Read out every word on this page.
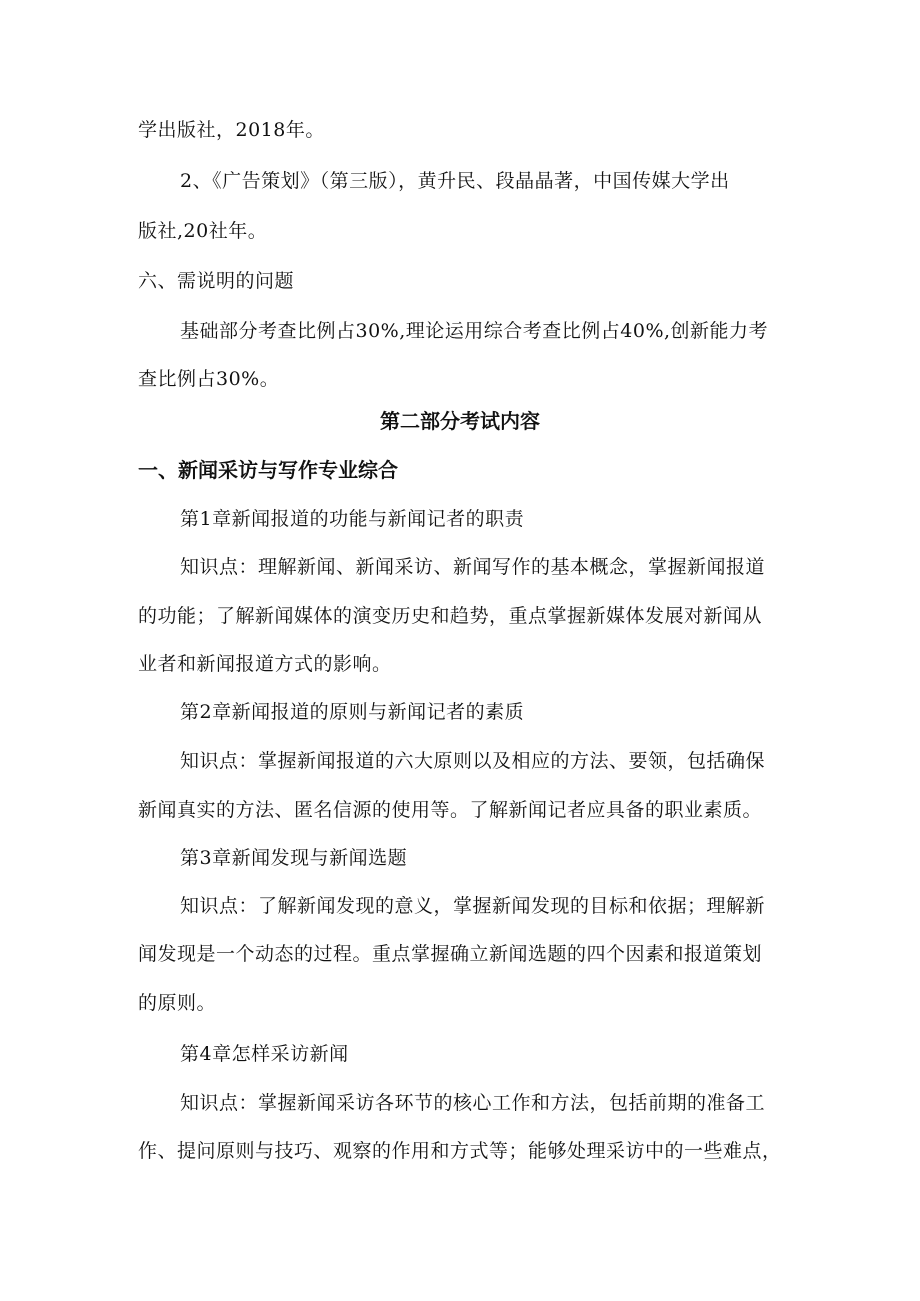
学出版社，2018年。
2、《广告策划》（第三版），黄升民、段晶晶著，中国传媒大学出
版社,20社年。
六、需说明的问题
基础部分考查比例占30%,理论运用综合考查比例占40%,创新能力考
查比例占30%。
第二部分考试内容
一、新闻采访与写作专业综合
第1章新闻报道的功能与新闻记者的职责
知识点：理解新闻、新闻采访、新闻写作的基本概念，掌握新闻报道
的功能；了解新闻媒体的演变历史和趋势，重点掌握新媒体发展对新闻从
业者和新闻报道方式的影响。
第2章新闻报道的原则与新闻记者的素质
知识点：掌握新闻报道的六大原则以及相应的方法、要领，包括确保
新闻真实的方法、匿名信源的使用等。了解新闻记者应具备的职业素质。
第3章新闻发现与新闻选题
知识点：了解新闻发现的意义，掌握新闻发现的目标和依据；理解新
闻发现是一个动态的过程。重点掌握确立新闻选题的四个因素和报道策划
的原则。
第4章怎样采访新闻
知识点：掌握新闻采访各环节的核心工作和方法，包括前期的准备工
作、提问原则与技巧、观察的作用和方式等；能够处理采访中的一些难点，
